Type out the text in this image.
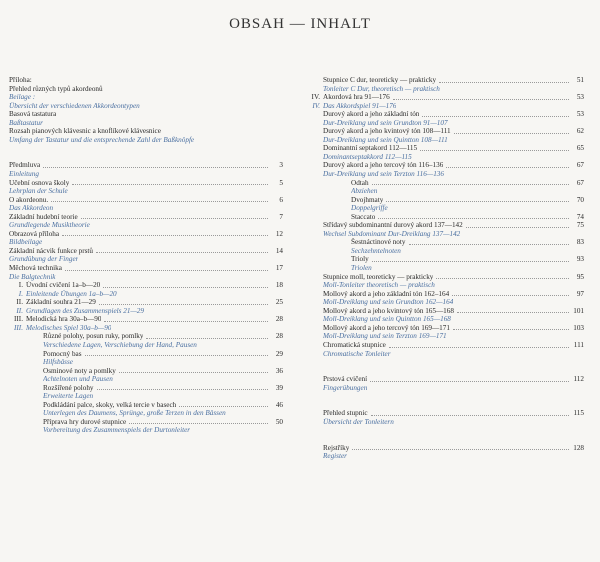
OBSAH — INHALT
Příloha:
Přehled různých typů akordeonů
Beilage :
Übersicht der verschiedenen Akkordeontypen
Basová tastatura
Baßtastatur
Rozsah pianových klávesnic a knoflíkové klávesnice
Umfang der Tastatur und die entsprechende Zahl der Baßknöpfe
Předmluva	3
Einleitung
Učební osnova školy	5
Lehrplan der Schule
O akordeonu.	6
Das Akkordeon
Základní hudební teorie	7
Grundlegende Musiktheorie
Obrazová příloha	12
Bildbeilage
Základní nácvik funkce prstů	14
Grundübung der Finger
Měchová technika	17
Die Balgtechnik
I. Úvodní cvičení 1a–b—20	18
I. Einleitende Übungen 1a–b—20
II. Základní souhra 21—29	25
II. Grundlagen des Zusammenspiels 21—29
III. Melodická hra 30a–b—90	28
III. Melodisches Spiel 30a–b—90
Různé polohy, posun ruky, pomlky	28
Verschiedene Lagen, Verschiebung der Hand, Pausen
Pomocný bas	29
Hilfsbässe
Osminové noty a pomlky	36
Achtelnoten und Pausen
Rozšířené polohy	39
Erweiterte Lagen
Podkládání palce, skoky, velká tercie v basech	46
Unterlegen des Daumens, Sprünge, große Terzen in den Bässen
Příprava hry durové stupnice	50
Vorbereitung des Zusammenspiels der Durtonleiter
Stupnice C dur, teoreticky — prakticky	51
Tonleiter C Dur, theoretisch — praktisch
IV. Akordová hra 91—176	53
IV. Das Akkordspiel 91—176
Durový akord a jeho základní tón	53
Dur-Dreiklang und sein Grundton 91—107
Durový akord a jeho kvintový tón 108—111	62
Dur-Dreiklang und sein Quintton 108—111
Dominantní septakord 112—115	65
Dominantseptakkord 112—115
Durový akord a jeho tercový tón 116–136	67
Dur-Dreiklang und sein Terzton 116—136
Odtah	67
Abziehen
Dvojhmaty	70
Doppelgriffe
Staccato	74
Střídavý subdominantní durový akord 137—142	75
Wechsel Subdominant Dur-Dreiklang 137—142
Šestnáctinové noty	83
Sechzehntelnoten
Trioly	93
Triolen
Stupnice moll, teoreticky — prakticky	95
Moll-Tonleiter theoretisch — praktisch
Mollový akord a jeho základní tón 162–164	97
Moll-Dreiklang und sein Grundton 162—164
Mollový akord a jeho kvintový tón 165—168	101
Moll-Dreiklang und sein Quintton 165—168
Mollový akord a jeho tercový tón 169—171	103
Moll-Dreiklang und sein Terzton 169—171
Chromatická stupnice	111
Chromatische Tonleiter
Prstová cvičení	112
Fingerübungen
Přehled stupnic	115
Übersicht der Tonleitern
Rejstříky	128
Register
